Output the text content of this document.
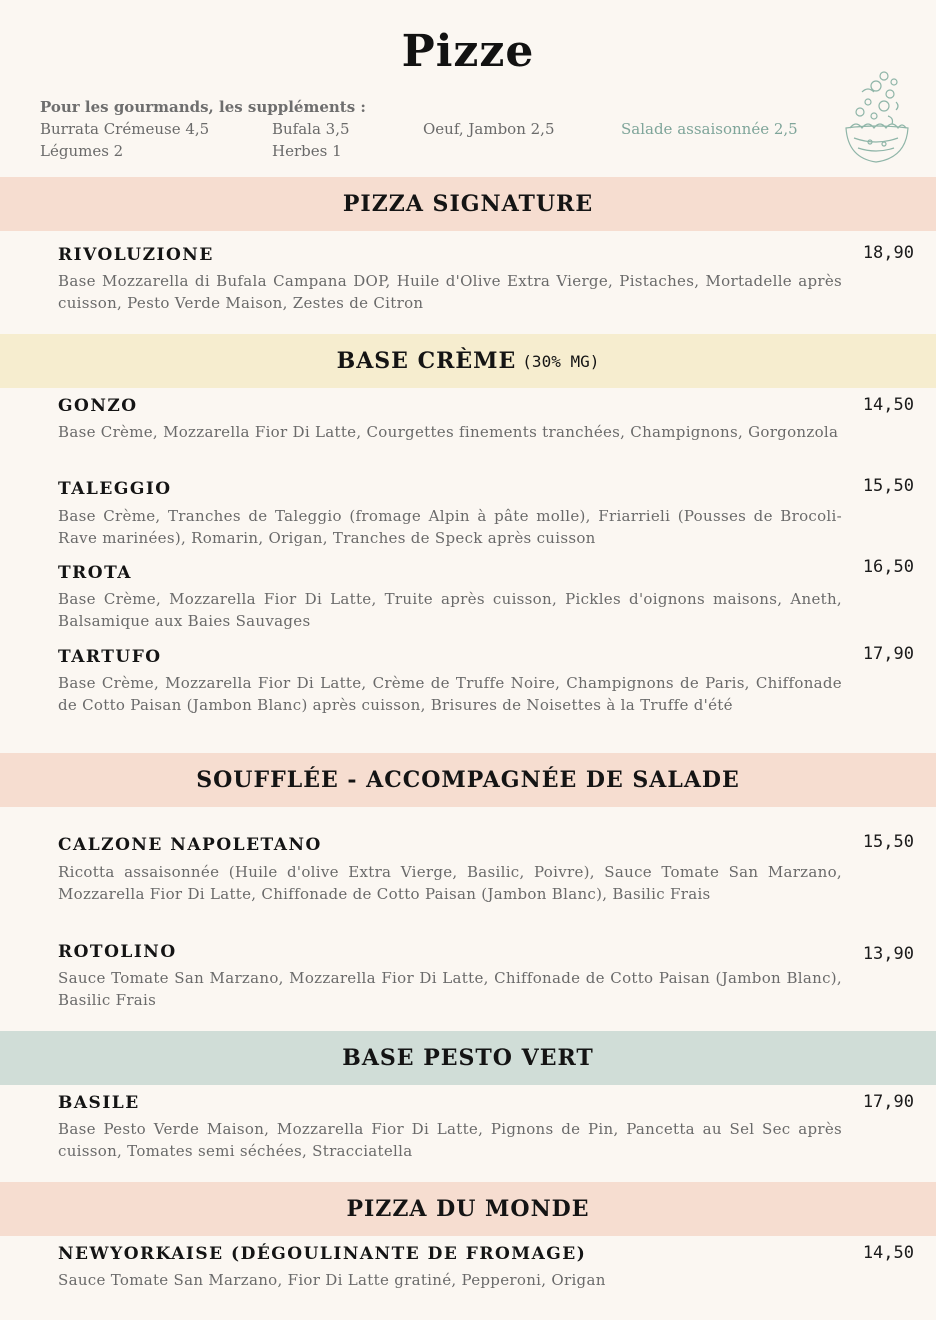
Pizze
Pour les gourmands, les suppléments :
Burrata Crémeuse 4,5	Bufala 3,5	Oeuf, Jambon 2,5	Salade assaisonnée 2,5
Légumes 2	Herbes 1
PIZZA SIGNATURE
RIVOLUZIONE	18,90
Base Mozzarella di Bufala Campana DOP, Huile d'Olive Extra Vierge, Pistaches, Mortadelle après cuisson, Pesto Verde Maison, Zestes de Citron
BASE CRÈME (30% MG)
GONZO	14,50
Base Crème, Mozzarella Fior Di Latte, Courgettes finements tranchées, Champignons, Gorgonzola
TALEGGIO	15,50
Base Crème, Tranches de Taleggio (fromage Alpin à pâte molle), Friarrieli (Pousses de Brocoli-Rave marinées), Romarin, Origan, Tranches de Speck après cuisson
TROTA	16,50
Base Crème, Mozzarella Fior Di Latte, Truite après cuisson, Pickles d'oignons maisons, Aneth, Balsamique aux Baies Sauvages
TARTUFO	17,90
Base Crème, Mozzarella Fior Di Latte, Crème de Truffe Noire, Champignons de Paris, Chiffonade de Cotto Paisan (Jambon Blanc) après cuisson, Brisures de Noisettes à la Truffe d'été
SOUFFLÉE - ACCOMPAGNÉE DE SALADE
CALZONE NAPOLETANO	15,50
Ricotta assaisonnée (Huile d'olive Extra Vierge, Basilic, Poivre), Sauce Tomate San Marzano, Mozzarella Fior Di Latte, Chiffonade de Cotto Paisan (Jambon Blanc), Basilic Frais
ROTOLINO	13,90
Sauce Tomate San Marzano, Mozzarella Fior Di Latte, Chiffonade de Cotto Paisan (Jambon Blanc), Basilic Frais
BASE PESTO VERT
BASILE	17,90
Base Pesto Verde Maison, Mozzarella Fior Di Latte, Pignons de Pin, Pancetta au Sel Sec après cuisson, Tomates semi séchées, Stracciatella
PIZZA DU MONDE
NEWYORKAISE (DÉGOULINANTE DE FROMAGE)	14,50
Sauce Tomate San Marzano, Fior Di Latte gratiné, Pepperoni, Origan
